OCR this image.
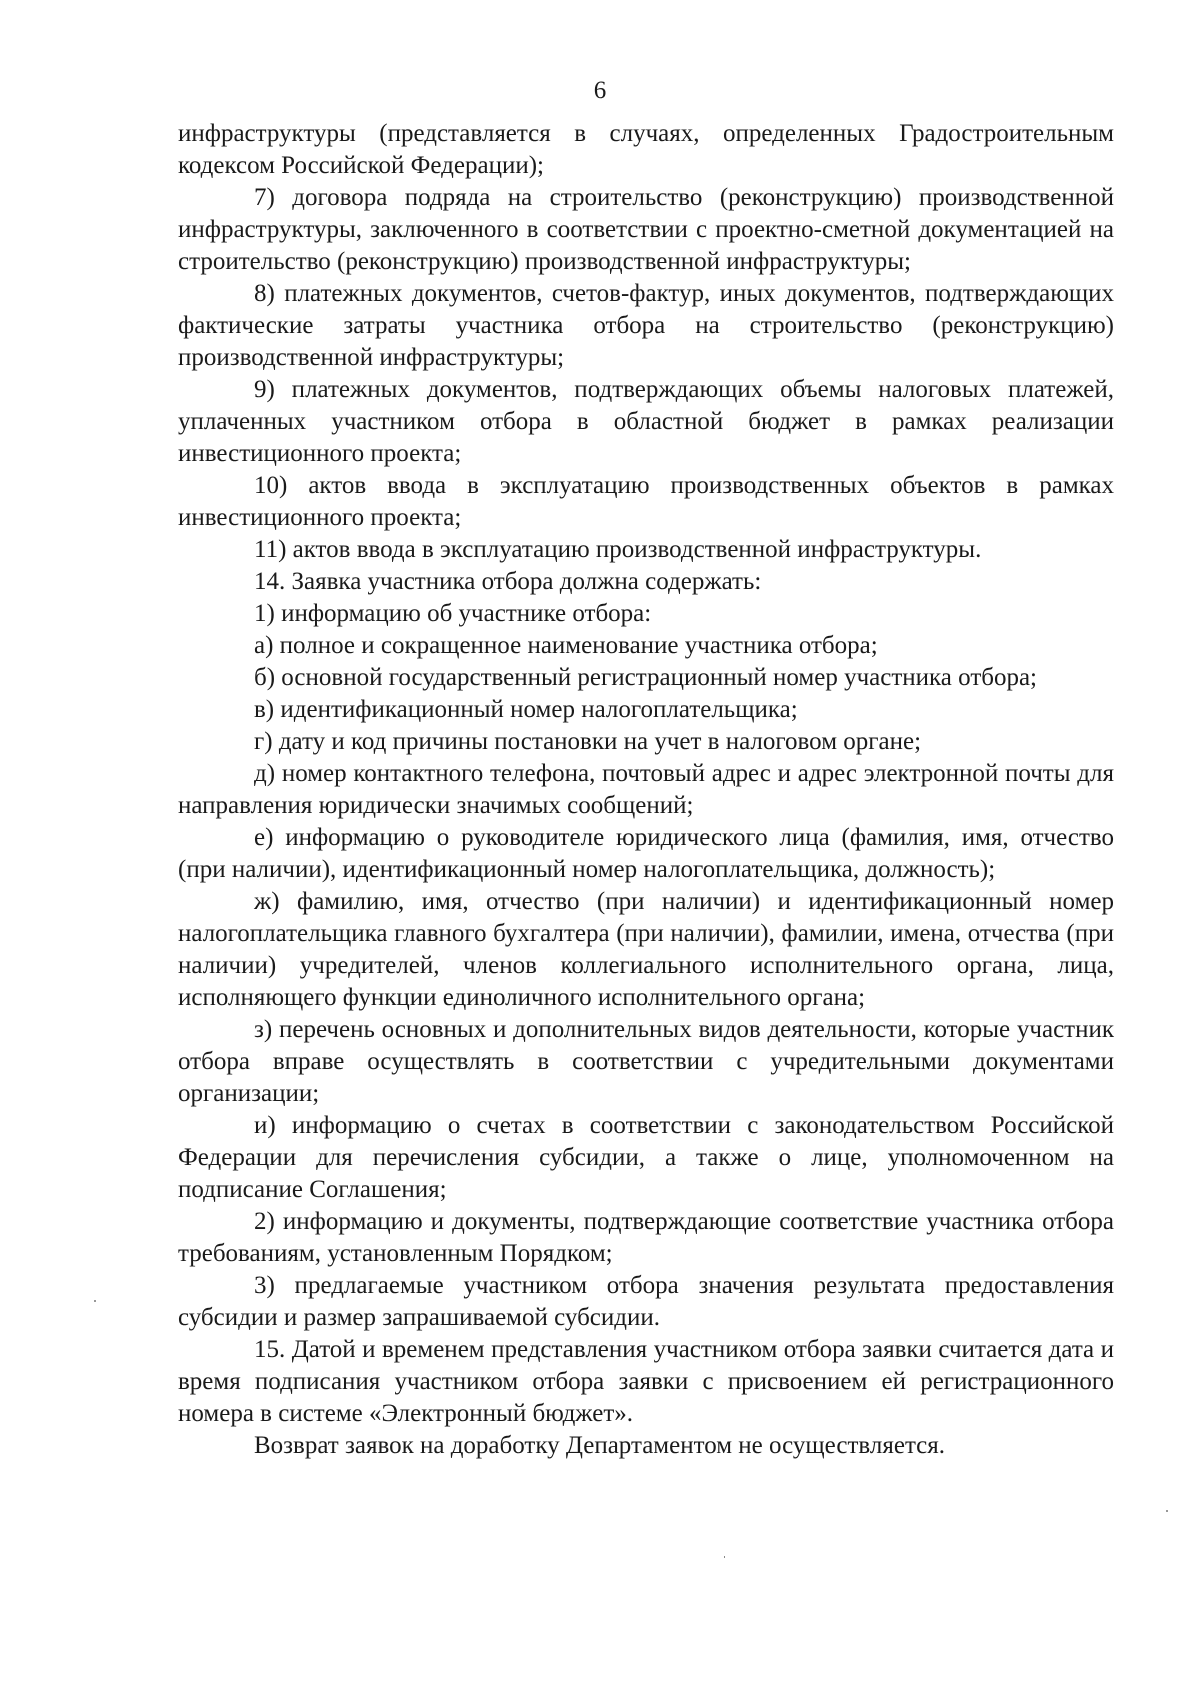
6

инфраструктуры (представляется в случаях, определенных Градостроительным кодексом Российской Федерации);

7) договора подряда на строительство (реконструкцию) производственной инфраструктуры, заключенного в соответствии с проектно-сметной документацией на строительство (реконструкцию) производственной инфраструктуры;

8) платежных документов, счетов-фактур, иных документов, подтверждающих фактические затраты участника отбора на строительство (реконструкцию) производственной инфраструктуры;

9) платежных документов, подтверждающих объемы налоговых платежей, уплаченных участником отбора в областной бюджет в рамках реализации инвестиционного проекта;

10) актов ввода в эксплуатацию производственных объектов в рамках инвестиционного проекта;

11) актов ввода в эксплуатацию производственной инфраструктуры.

14. Заявка участника отбора должна содержать:

1) информацию об участнике отбора:

а) полное и сокращенное наименование участника отбора;

б) основной государственный регистрационный номер участника отбора;

в) идентификационный номер налогоплательщика;

г) дату и код причины постановки на учет в налоговом органе;

д) номер контактного телефона, почтовый адрес и адрес электронной почты для направления юридически значимых сообщений;

е) информацию о руководителе юридического лица (фамилия, имя, отчество (при наличии), идентификационный номер налогоплательщика, должность);

ж) фамилию, имя, отчество (при наличии) и идентификационный номер налогоплательщика главного бухгалтера (при наличии), фамилии, имена, отчества (при наличии) учредителей, членов коллегиального исполнительного органа, лица, исполняющего функции единоличного исполнительного органа;

з) перечень основных и дополнительных видов деятельности, которые участник отбора вправе осуществлять в соответствии с учредительными документами организации;

и) информацию о счетах в соответствии с законодательством Российской Федерации для перечисления субсидии, а также о лице, уполномоченном на подписание Соглашения;

2) информацию и документы, подтверждающие соответствие участника отбора требованиям, установленным Порядком;

3) предлагаемые участником отбора значения результата предоставления субсидии и размер запрашиваемой субсидии.

15. Датой и временем представления участником отбора заявки считается дата и время подписания участником отбора заявки с присвоением ей регистрационного номера в системе «Электронный бюджет».

Возврат заявок на доработку Департаментом не осуществляется.
